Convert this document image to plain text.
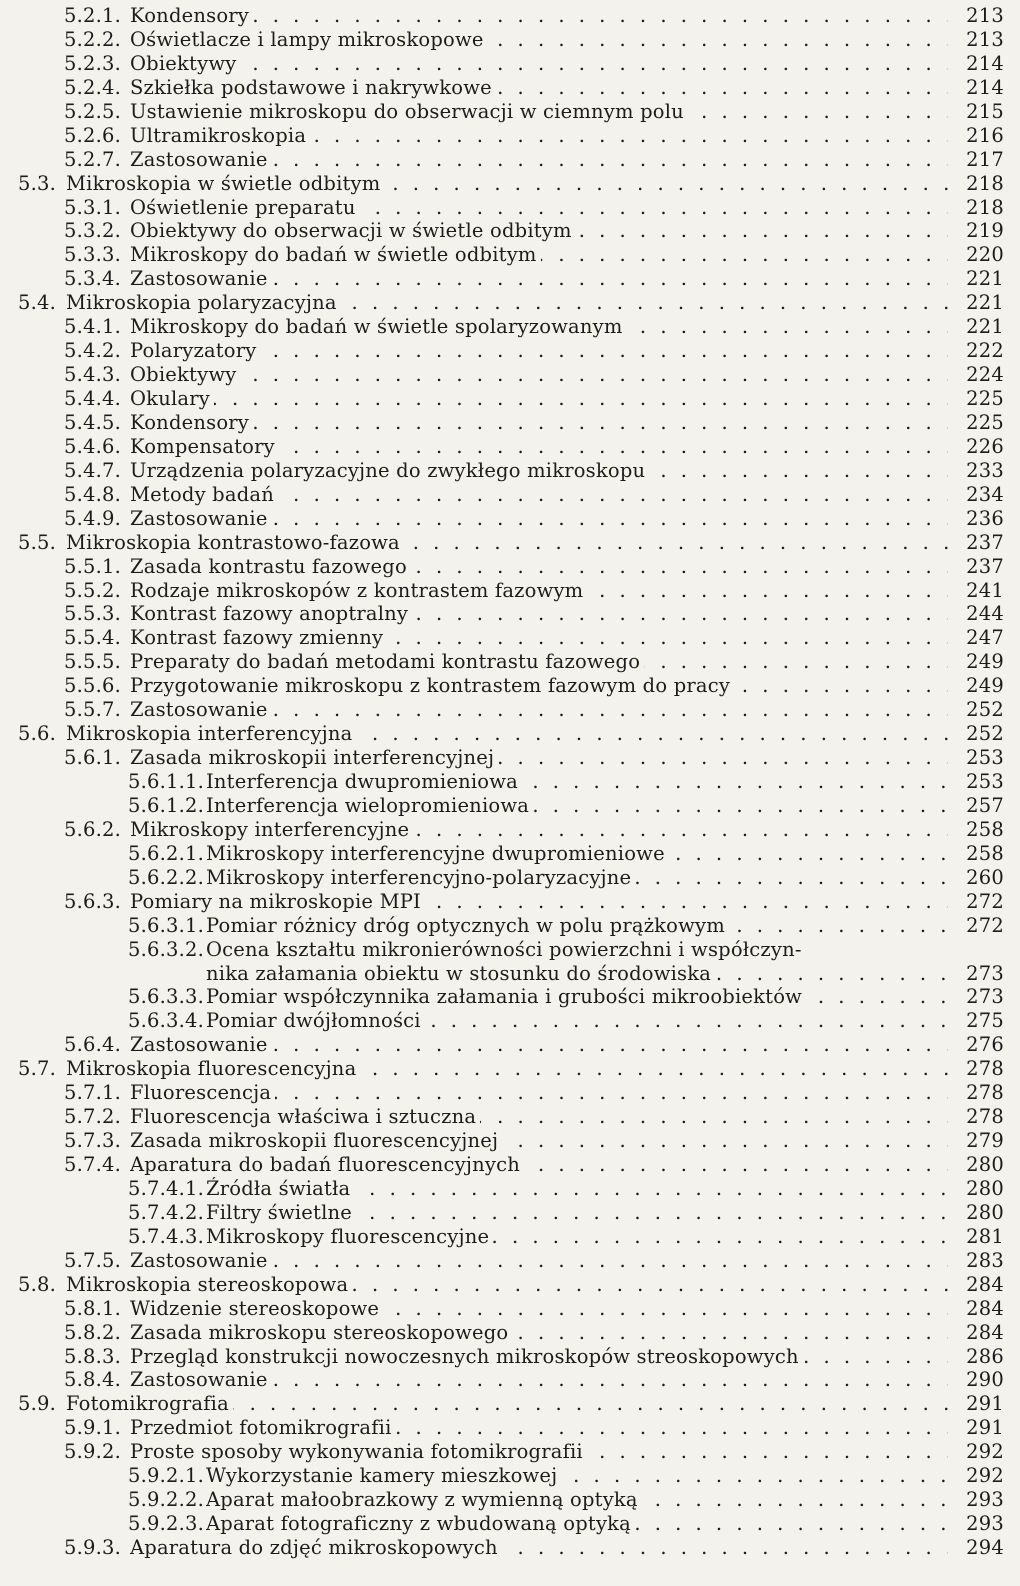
5.2.1. Kondensory . . .	213
5.2.2. Oświetlacze i lampy mikroskopowe . . .	213
5.2.3. Obiektywy . . .	214
5.2.4. Szkiełka podstawowe i nakrywkowe . . .	214
5.2.5. Ustawienie mikroskopu do obserwacji w ciemnym polu . . .	215
5.2.6. Ultramikroskopia . . .	216
5.2.7. Zastosowanie . . .	217
5.3. Mikroskopia w świetle odbitym . . .	218
5.3.1. Oświetlenie preparatu . . .	218
5.3.2. Obiektywy do obserwacji w świetle odbitym . . .	219
5.3.3. Mikroskopy do badań w świetle odbitym . . .	220
5.3.4. Zastosowanie . . .	221
5.4. Mikroskopia polaryzacyjna . . .	221
5.4.1. Mikroskopy do badań w świetle spolaryzowanym . . .	221
5.4.2. Polaryzatory . . .	222
5.4.3. Obiektywy . . .	224
5.4.4. Okulary . . .	225
5.4.5. Kondensory . . .	225
5.4.6. Kompensatory . . .	226
5.4.7. Urządzenia polaryzacyjne do zwykłego mikroskopu . . .	233
5.4.8. Metody badań . . .	234
5.4.9. Zastosowanie . . .	236
5.5. Mikroskopia kontrastowo-fazowa . . .	237
5.5.1. Zasada kontrastu fazowego . . .	237
5.5.2. Rodzaje mikroskopów z kontrastem fazowym . . .	241
5.5.3. Kontrast fazowy anoptralny . . .	244
5.5.4. Kontrast fazowy zmienny . . .	247
5.5.5. Preparaty do badań metodami kontrastu fazowego . . .	249
5.5.6. Przygotowanie mikroskopu z kontrastem fazowym do pracy . . .	249
5.5.7. Zastosowanie . . .	252
5.6. Mikroskopia interferencyjna . . .	252
5.6.1. Zasada mikroskopii interferencyjnej . . .	253
5.6.1.1. Interferencja dwupromieniowa . . .	253
5.6.1.2. Interferencja wielopromieniowa . . .	257
5.6.2. Mikroskopy interferencyjne . . .	258
5.6.2.1. Mikroskopy interferencyjne dwupromieniowe . . .	258
5.6.2.2. Mikroskopy interferencyjno-polaryzacyjne . . .	260
5.6.3. Pomiary na mikroskopie MPI . . .	272
5.6.3.1. Pomiar różnicy dróg optycznych w polu prążkowym . . .	272
5.6.3.2. Ocena kształtu mikronierówności powierzchni i współczyn-
nika załamania obiektu w stosunku do środowiska . . .	273
5.6.3.3. Pomiar współczynnika załamania i grubości mikroobiektów . . .	273
5.6.3.4. Pomiar dwójłomności . . .	275
5.6.4. Zastosowanie . . .	276
5.7. Mikroskopia fluorescencyjna . . .	278
5.7.1. Fluorescencja . . .	278
5.7.2. Fluorescencja właściwa i sztuczna . . .	278
5.7.3. Zasada mikroskopii fluorescencyjnej . . .	279
5.7.4. Aparatura do badań fluorescencyjnych . . .	280
5.7.4.1. Źródła światła . . .	280
5.7.4.2. Filtry świetlne . . .	280
5.7.4.3. Mikroskopy fluorescencyjne . . .	281
5.7.5. Zastosowanie . . .	283
5.8. Mikroskopia stereoskopowa . . .	284
5.8.1. Widzenie stereoskopowe . . .	284
5.8.2. Zasada mikroskopu stereoskopowego . . .	284
5.8.3. Przegląd konstrukcji nowoczesnych mikroskopów streoskopowych . . .	286
5.8.4. Zastosowanie . . .	290
5.9. Fotomikrografia . . .	291
5.9.1. Przedmiot fotomikrografii . . .	291
5.9.2. Proste sposoby wykonywania fotomikrografii . . .	292
5.9.2.1. Wykorzystanie kamery mieszkowej . . .	292
5.9.2.2. Aparat małoobrazkowy z wymienną optyką . . .	293
5.9.2.3. Aparat fotograficzny z wbudowaną optyką . . .	293
5.9.3. Aparatura do zdjęć mikroskopowych . . .	294
